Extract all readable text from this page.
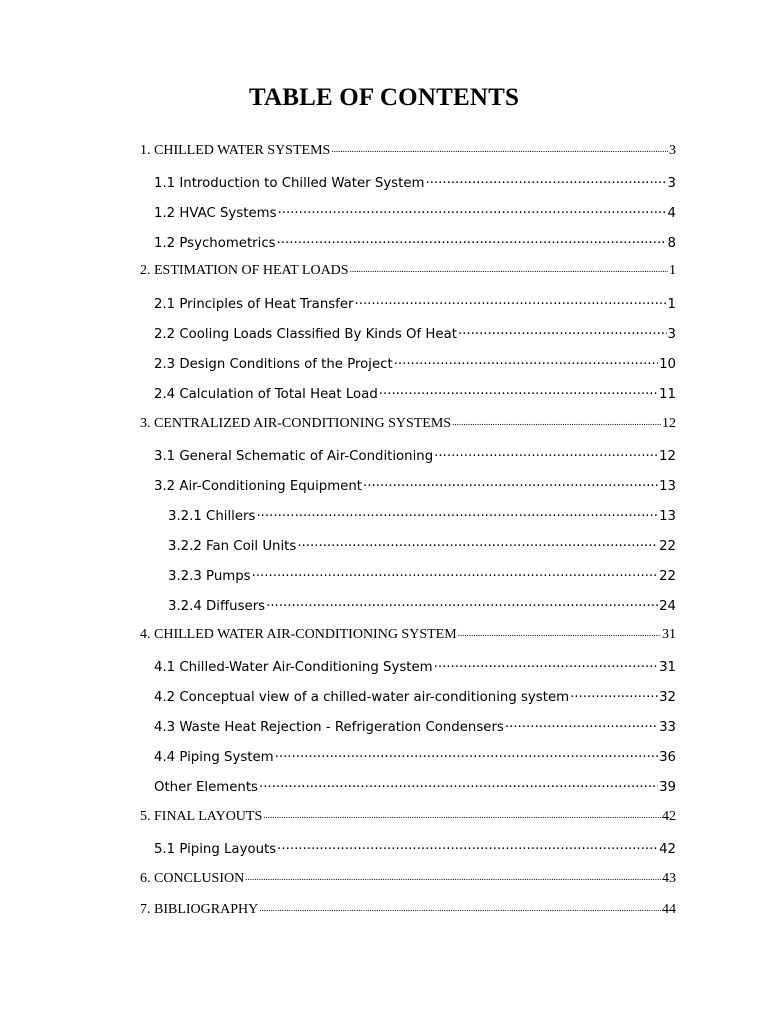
TABLE OF CONTENTS
1. CHILLED WATER SYSTEMS .....	3
1.1 Introduction to Chilled Water System .....	3
1.2 HVAC Systems .....	4
1.2 Psychometrics .....	8
2. ESTIMATION OF HEAT LOADS .....	1
2.1 Principles of Heat Transfer .....	1
2.2 Cooling Loads Classified By Kinds Of Heat .....	3
2.3 Design Conditions of the Project .....	10
2.4 Calculation of Total Heat Load .....	11
3. CENTRALIZED AIR-CONDITIONING SYSTEMS .....	12
3.1 General Schematic of Air-Conditioning .....	12
3.2 Air-Conditioning Equipment .....	13
3.2.1 Chillers .....	13
3.2.2 Fan Coil Units .....	22
3.2.3 Pumps .....	22
3.2.4 Diffusers .....	24
4. CHILLED WATER AIR-CONDITIONING SYSTEM .....	31
4.1 Chilled-Water Air-Conditioning System .....	31
4.2 Conceptual view of a chilled-water air-conditioning system .....	32
4.3 Waste Heat Rejection - Refrigeration Condensers .....	33
4.4 Piping System .....	36
Other Elements .....	39
5. FINAL LAYOUTS .....	42
5.1 Piping Layouts .....	42
6. CONCLUSION .....	43
7. BIBLIOGRAPHY .....	44
